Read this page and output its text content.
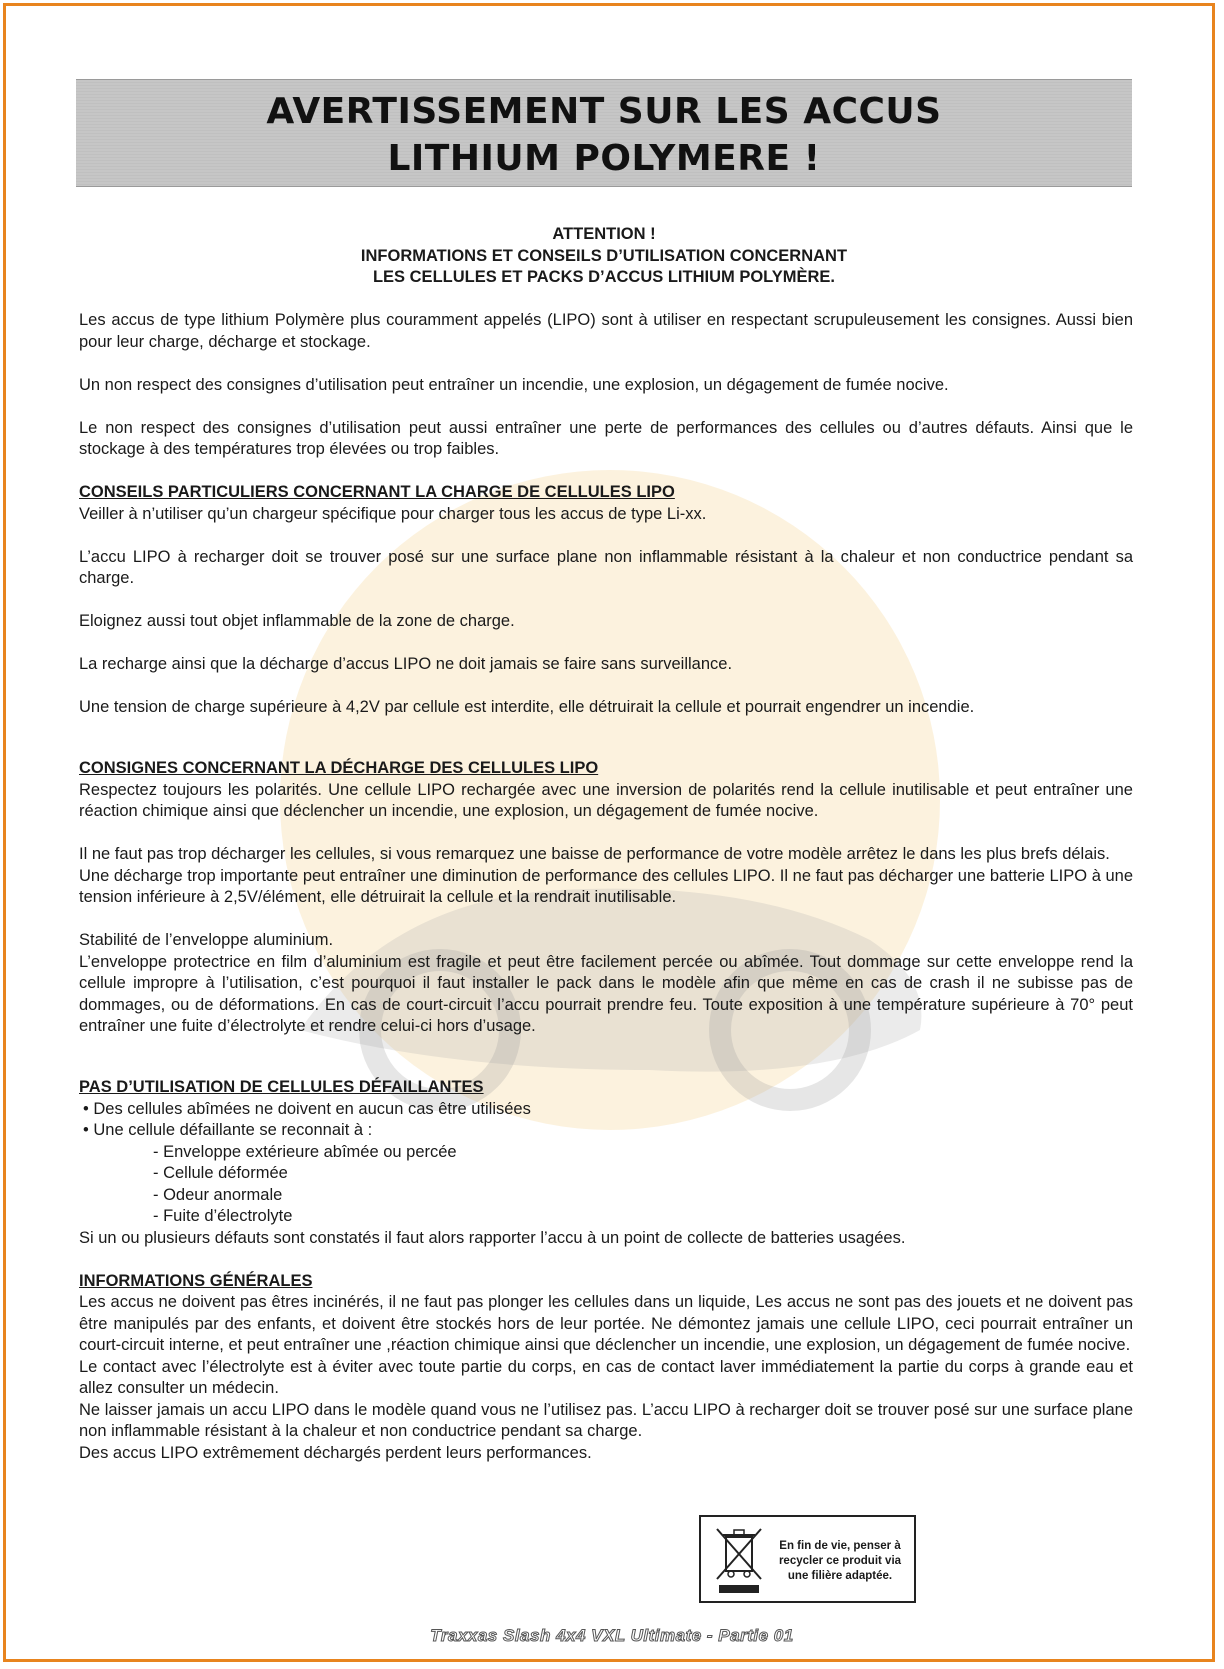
AVERTISSEMENT SUR LES ACCUS
LITHIUM POLYMERE !
ATTENTION !
INFORMATIONS ET CONSEILS D’UTILISATION CONCERNANT
LES CELLULES ET PACKS D’ACCUS LITHIUM POLYMÈRE.

Les accus de type lithium Polymère plus couramment appelés (LIPO) sont à utiliser en respectant scrupuleusement les consignes. Aussi bien pour leur charge, décharge et stockage.

Un non respect des consignes d’utilisation peut entraîner un incendie, une explosion, un dégagement de fumée nocive.

Le non respect des consignes d’utilisation peut aussi entraîner une perte de performances des cellules ou d’autres défauts. Ainsi que le stockage à des températures trop élevées ou trop faibles.

CONSEILS PARTICULIERS CONCERNANT LA CHARGE DE CELLULES LIPO

Veiller à n’utiliser qu’un chargeur spécifique pour charger tous les accus de type Li-xx.

L’accu LIPO à recharger doit se trouver posé sur une surface plane non inflammable résistant à la chaleur et non conductrice pendant sa charge.

Eloignez aussi tout objet inflammable de la zone de charge.

La recharge ainsi que la décharge d’accus LIPO ne doit jamais se faire sans surveillance.

Une tension de charge supérieure à 4,2V par cellule est interdite, elle détruirait la cellule et pourrait engendrer un incendie.

CONSIGNES CONCERNANT LA DÉCHARGE DES CELLULES LIPO

Respectez toujours les polarités. Une cellule LIPO rechargée avec une inversion de polarités rend la cellule inutilisable et peut entraîner une réaction chimique ainsi que déclencher un incendie, une explosion, un dégagement de fumée nocive.

Il ne faut pas trop décharger les cellules, si vous remarquez une baisse de performance de votre modèle arrêtez le dans les plus brefs délais.

Une décharge trop importante peut entraîner une diminution de performance des cellules LIPO. Il ne faut pas décharger une batterie LIPO à une tension inférieure à 2,5V/élément, elle détruirait la cellule et la rendrait inutilisable.

Stabilité de l’enveloppe aluminium.

L’enveloppe protectrice en film d’aluminium est fragile et peut être facilement percée ou abîmée. Tout dommage sur cette enveloppe rend la cellule impropre à l’utilisation, c’est pourquoi il faut installer le pack dans le modèle afin que même en cas de crash il ne subisse pas de dommages, ou de déformations. En cas de court-circuit l’accu pourrait prendre feu. Toute exposition à une température supérieure à 70° peut entraîner une fuite d’électrolyte et rendre celui-ci hors d’usage.

PAS D’UTILISATION DE CELLULES DÉFAILLANTES
• Des cellules abîmées ne doivent en aucun cas être utilisées
• Une cellule défaillante se reconnait à :
- Enveloppe extérieure abîmée ou percée
- Cellule déformée
- Odeur anormale
- Fuite d’électrolyte

Si un ou plusieurs défauts sont constatés il faut alors rapporter l’accu à un point de collecte de batteries usagées.

INFORMATIONS GÉNÉRALES

Les accus ne doivent pas êtres incinérés, il ne faut pas plonger les cellules dans un liquide, Les accus ne sont pas des jouets et ne doivent pas être manipulés par des enfants, et doivent être stockés hors de leur portée. Ne démontez jamais une cellule LIPO, ceci pourrait entraîner un court-circuit interne, et peut entraîner une ,réaction chimique ainsi que déclencher un incendie, une explosion, un dégagement de fumée nocive.

Le contact avec l’électrolyte est à éviter avec toute partie du corps, en cas de contact laver immédiatement la partie du corps à grande eau et allez consulter un médecin.

Ne laisser jamais un accu LIPO dans le modèle quand vous ne l’utilisez pas. L’accu LIPO à recharger doit se trouver posé sur une surface plane non inflammable résistant à la chaleur et non conductrice pendant sa charge.

Des accus LIPO extrêmement déchargés perdent leurs performances.

En fin de vie, penser à
recycler ce produit via
une filière adaptée.
Traxxas Slash 4x4 VXL Ultimate - Partie 01
